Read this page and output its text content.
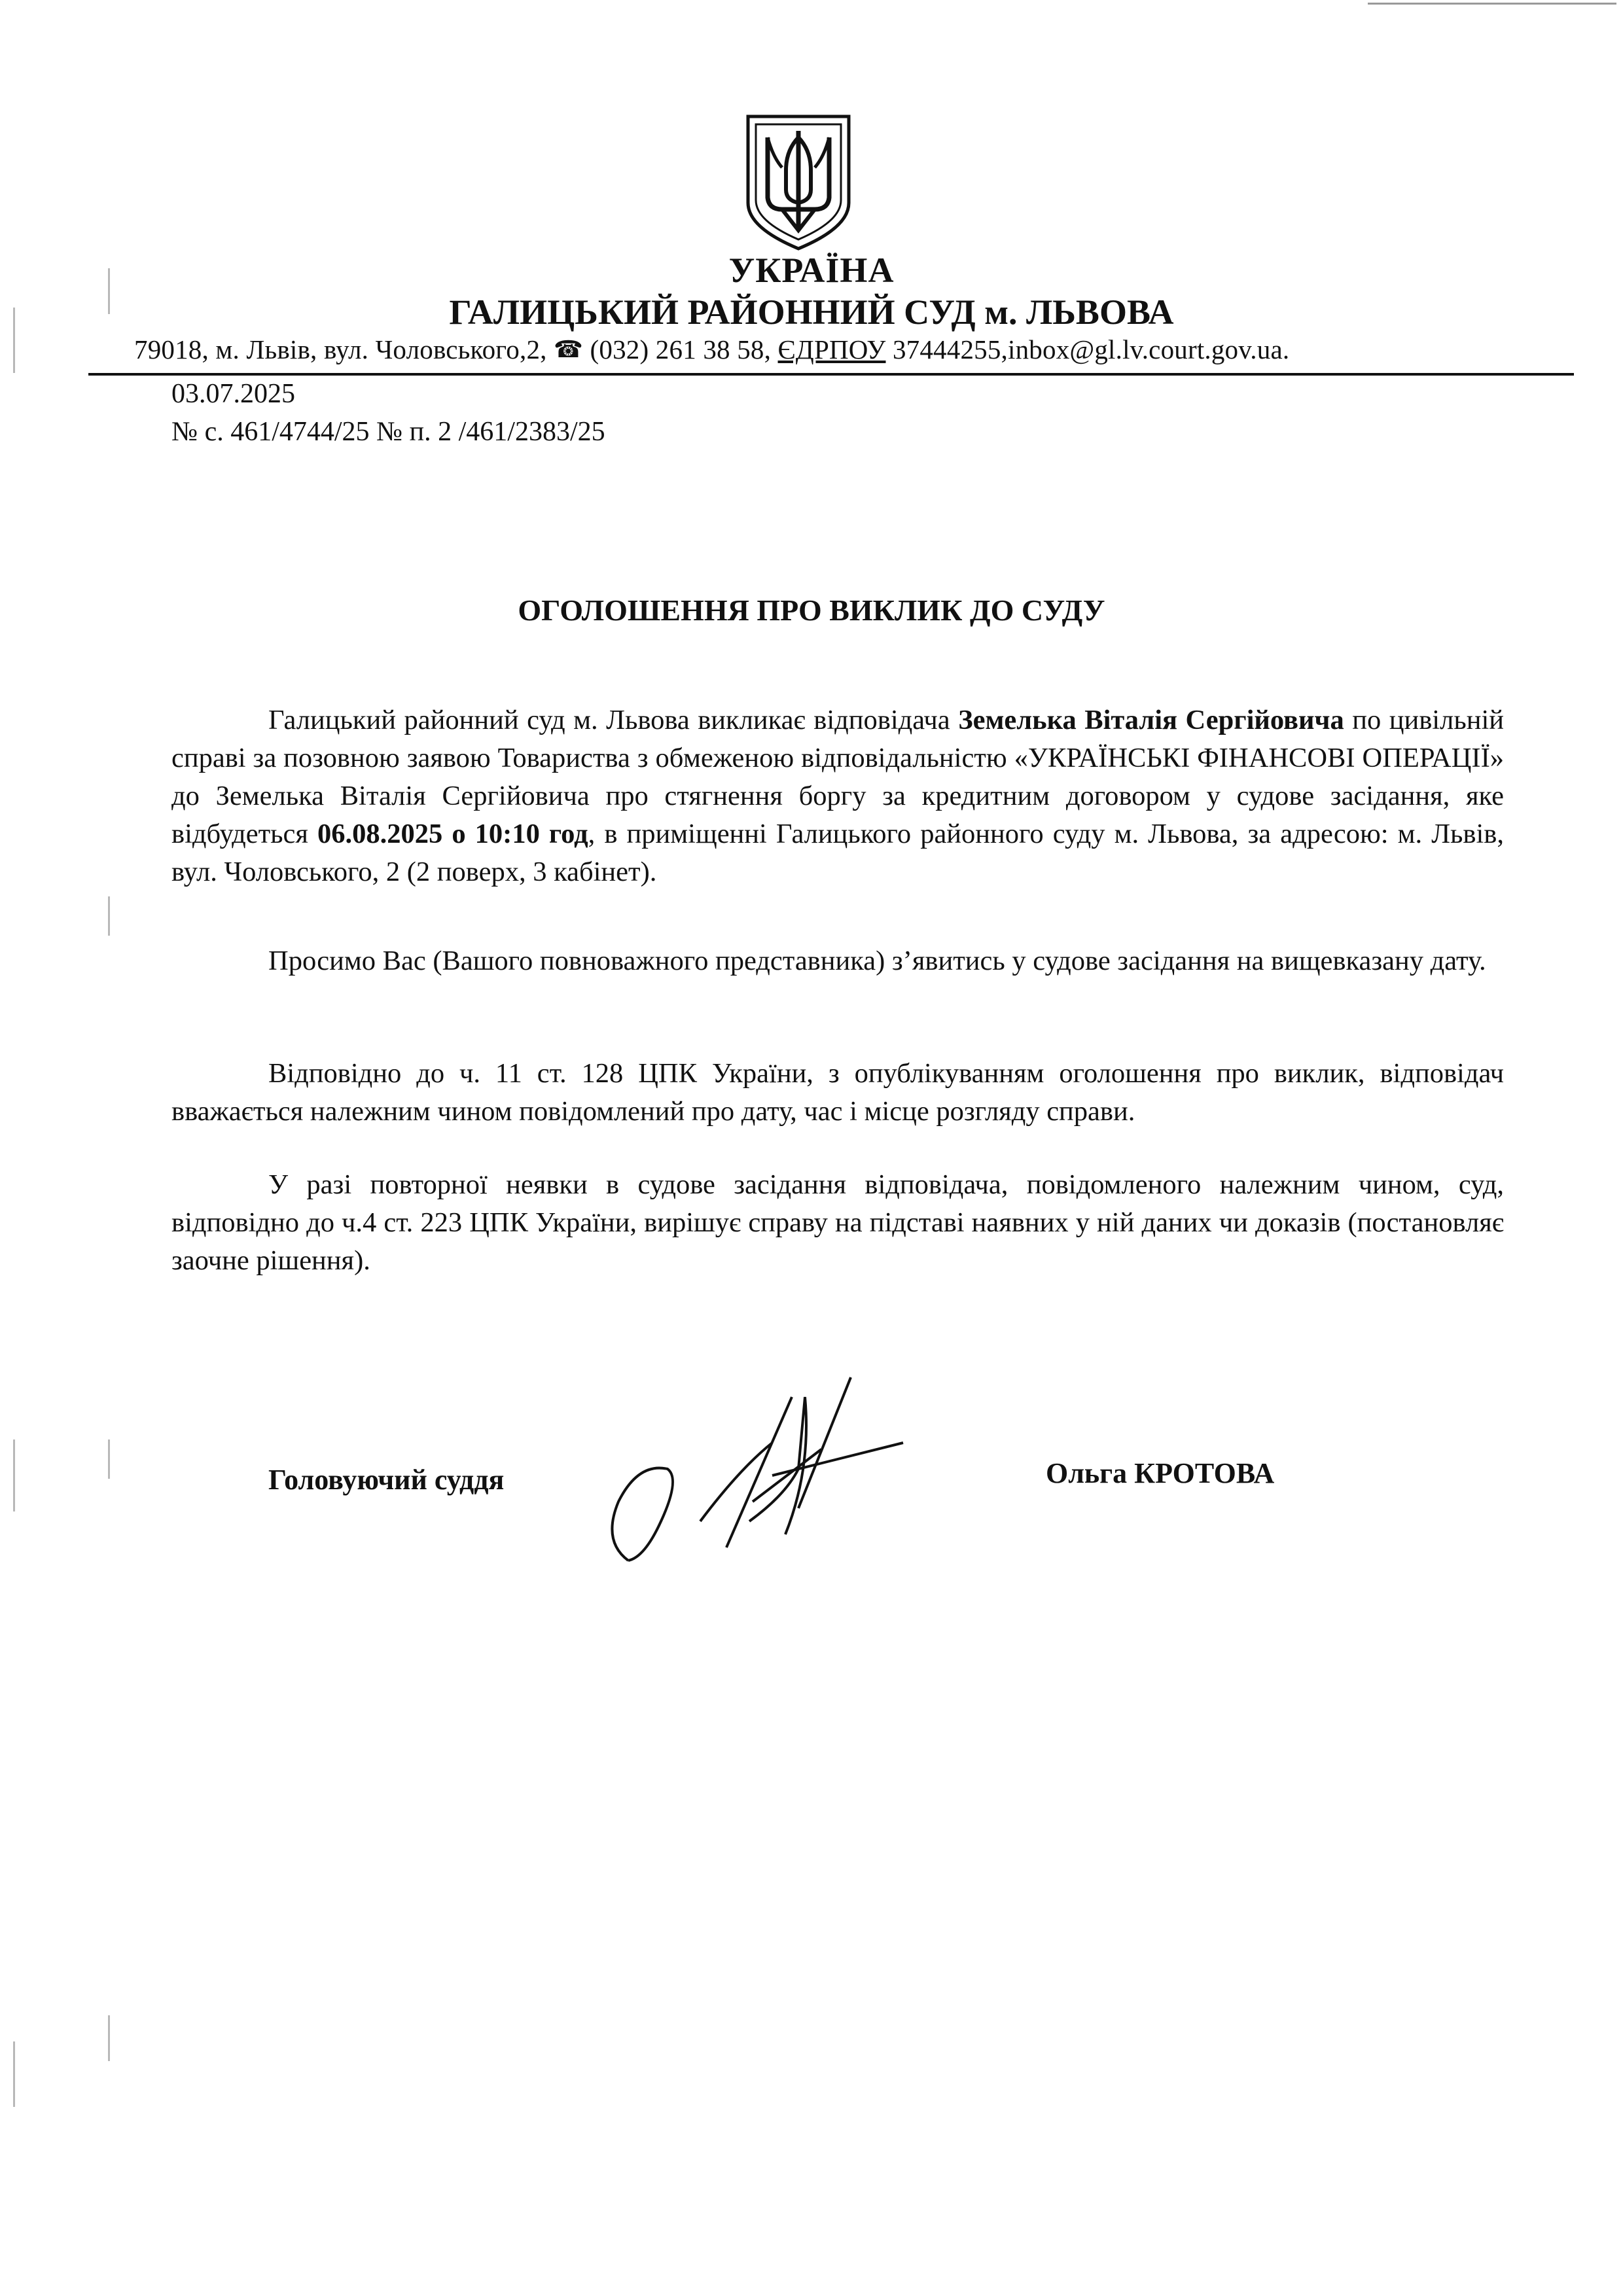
УКРАЇНА
ГАЛИЦЬКИЙ РАЙОННИЙ СУД м. ЛЬВОВА
79018, м. Львів, вул. Чоловського,2, ☎ (032) 261 38 58, ЄДРПОУ 37444255,inbox@gl.lv.court.gov.ua.
03.07.2025
№ с. 461/4744/25 № п. 2 /461/2383/25
ОГОЛОШЕННЯ ПРО ВИКЛИК ДО СУДУ

Галицький районний суд м. Львова викликає відповідача Земелька Віталія Сергійовича по цивільній справі за позовною заявою Товариства з обмеженою відповідальністю «УКРАЇНСЬКІ ФІНАНСОВІ ОПЕРАЦІЇ» до Земелька Віталія Сергійовича про стягнення боргу за кредитним договором у судове засідання, яке відбудеться 06.08.2025 о 10:10 год, в приміщенні Галицького районного суду м. Львова, за адресою: м. Львів, вул. Чоловського, 2 (2 поверх, 3 кабінет).

Просимо Вас (Вашого повноважного представника) з’явитись у судове засідання на вищевказану дату.

Відповідно до ч. 11 ст. 128 ЦПК України, з опублікуванням оголошення про виклик, відповідач вважається належним чином повідомлений про дату, час і місце розгляду справи.

У разі повторної неявки в судове засідання відповідача, повідомленого належним чином, суд, відповідно до ч.4 ст. 223 ЦПК України, вирішує справу на підставі наявних у ній даних чи доказів (постановляє заочне рішення).

Головуючий суддя	Ольга КРОТОВА
